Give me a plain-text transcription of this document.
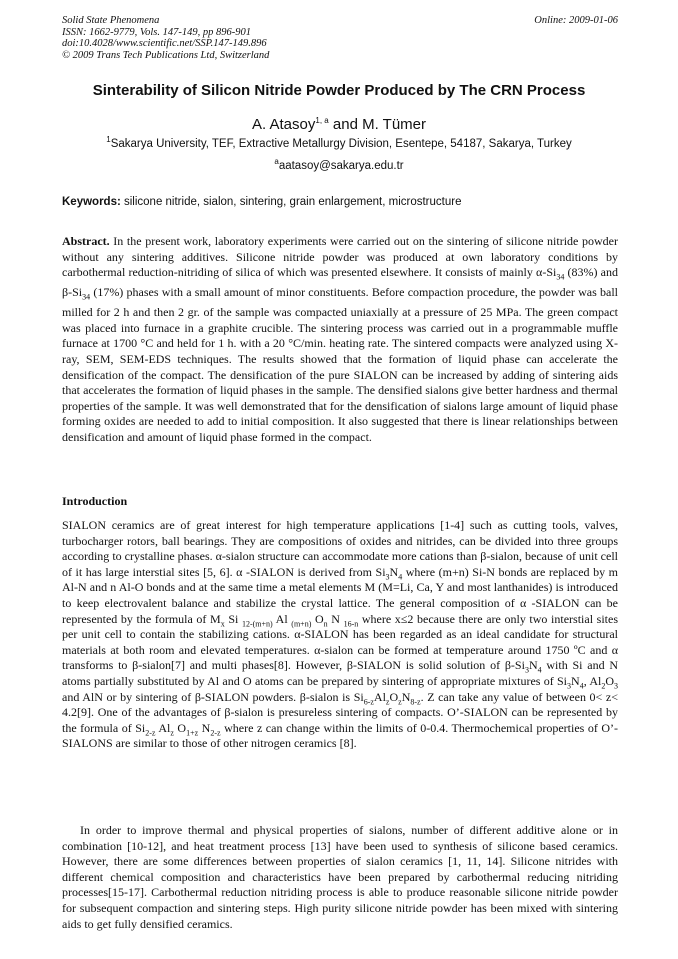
Solid State Phenomena
ISSN: 1662-9779, Vols. 147-149, pp 896-901
doi:10.4028/www.scientific.net/SSP.147-149.896
© 2009 Trans Tech Publications Ltd, Switzerland
Online: 2009-01-06
Sinterability of Silicon Nitride Powder Produced by The CRN Process
A. Atasoy$^{1, a}$ and M. Tümer
$^1$Sakarya University, TEF, Extractive Metallurgy Division, Esentepe, 54187, Sakarya, Turkey
$^a$aatasoy@sakarya.edu.tr
Keywords: silicone nitride, sialon, sintering, grain enlargement, microstructure

Abstract. In the present work, laboratory experiments were carried out on the sintering of silicone nitride powder without any sintering additives. Silicone nitride powder was produced at own laboratory conditions by carbothermal reduction-nitriding of silica of which was presented elsewhere. It consists of mainly $\alpha-Si_{34}$ (83%) and $\beta-Si_{34}$ (17%) phases with a small amount of minor constituents. Before compaction procedure, the powder was ball milled for 2 h and then 2 gr. of the sample was compacted uniaxially at a pressure of 25 MPa. The green compact was placed into furnace in a graphite crucible. The sintering process was carried out in a programmable muffle furnace at 1700 °C and held for 1 h. with a 20 °C/min. heating rate. The sintered compacts were analyzed using X-ray, SEM, SEM-EDS techniques. The results showed that the formation of liquid phase can accelerate the densification of the compact. The densification of the pure SIALON can be increased by adding of sintering aids that accelerates the formation of liquid phases in the sample. The densified sialons give better hardness and thermal properties of the sample. It was well demonstrated that for the densification of sialons large amount of liquid phase forming oxides are needed to add to initial composition. It also suggested that there is linear relationships between densification and amount of liquid phase formed in the compact.

Introduction

SIALON ceramics are of great interest for high temperature applications [1-4] such as cutting tools, valves, turbocharger rotors, ball bearings. They are compositions of oxides and nitrides, can be divided into three groups according to crystalline phases. α-sialon structure can accommodate more cations than β-sialon, because of unit cell of it has large interstial sites [5, 6]. α -SIALON is derived from $Si_3N_4$ where (m+n) Si-N bonds are replaced by m Al-N and n Al-O bonds and at the same time a metal elements M (M=Li, Ca, Y and most lanthanides) is introduced to keep electrovalent balance and stabilize the crystal lattice. The general composition of α -SIALON can be represented by the formula of $M_x$ Si $_{12-(m+n)}$ Al $_{(m+n)}$ $O_n$ N $_{16-n}$ where x≤2 because there are only two interstial sites per unit cell to contain the stabilizing cations. α-SIALON has been regarded as an ideal candidate for structural materials at both room and elevated temperatures. α-sialon can be formed at temperature around 1750 ºC and α transforms to β-sialon[7] and multi phases[8]. However, β-SIALON is solid solution of $\beta-Si_3N_4$ with Si and N atoms partially substituted by Al and O atoms can be prepared by sintering of appropriate mixtures of $Si_3N_4$, $Al_2O_3$ and AlN or by sintering of β-SIALON powders. β-sialon is $Si_{6-z}Al_zO_zN_{8-z}$. Z can take any value of between 0< z< 4.2[9]. One of the advantages of β-sialon is presureless sintering of compacts. O’-SIALON can be represented by the formula of $Si_{2-z}$ $Al_z$ $O_{1+z}$ $N_{2-z}$ where z can change within the limits of 0-0.4. Thermochemical properties of O’-SIALONS are similar to those of other nitrogen ceramics [8].

In order to improve thermal and physical properties of sialons, number of different additive alone or in combination [10-12], and heat treatment process [13] have been used to synthesis of silicone based ceramics. However, there are some differences between properties of sialon ceramics [1, 11, 14]. Silicone nitrides with different chemical composition and characteristics have been prepared by carbothermal reducing nitriding processes[15-17]. Carbothermal reduction nitriding process is able to produce reasonable silicone nitride powder for subsequent compaction and sintering steps. High purity silicone nitride powder has been mixed with sintering aids to get fully densified ceramics.
